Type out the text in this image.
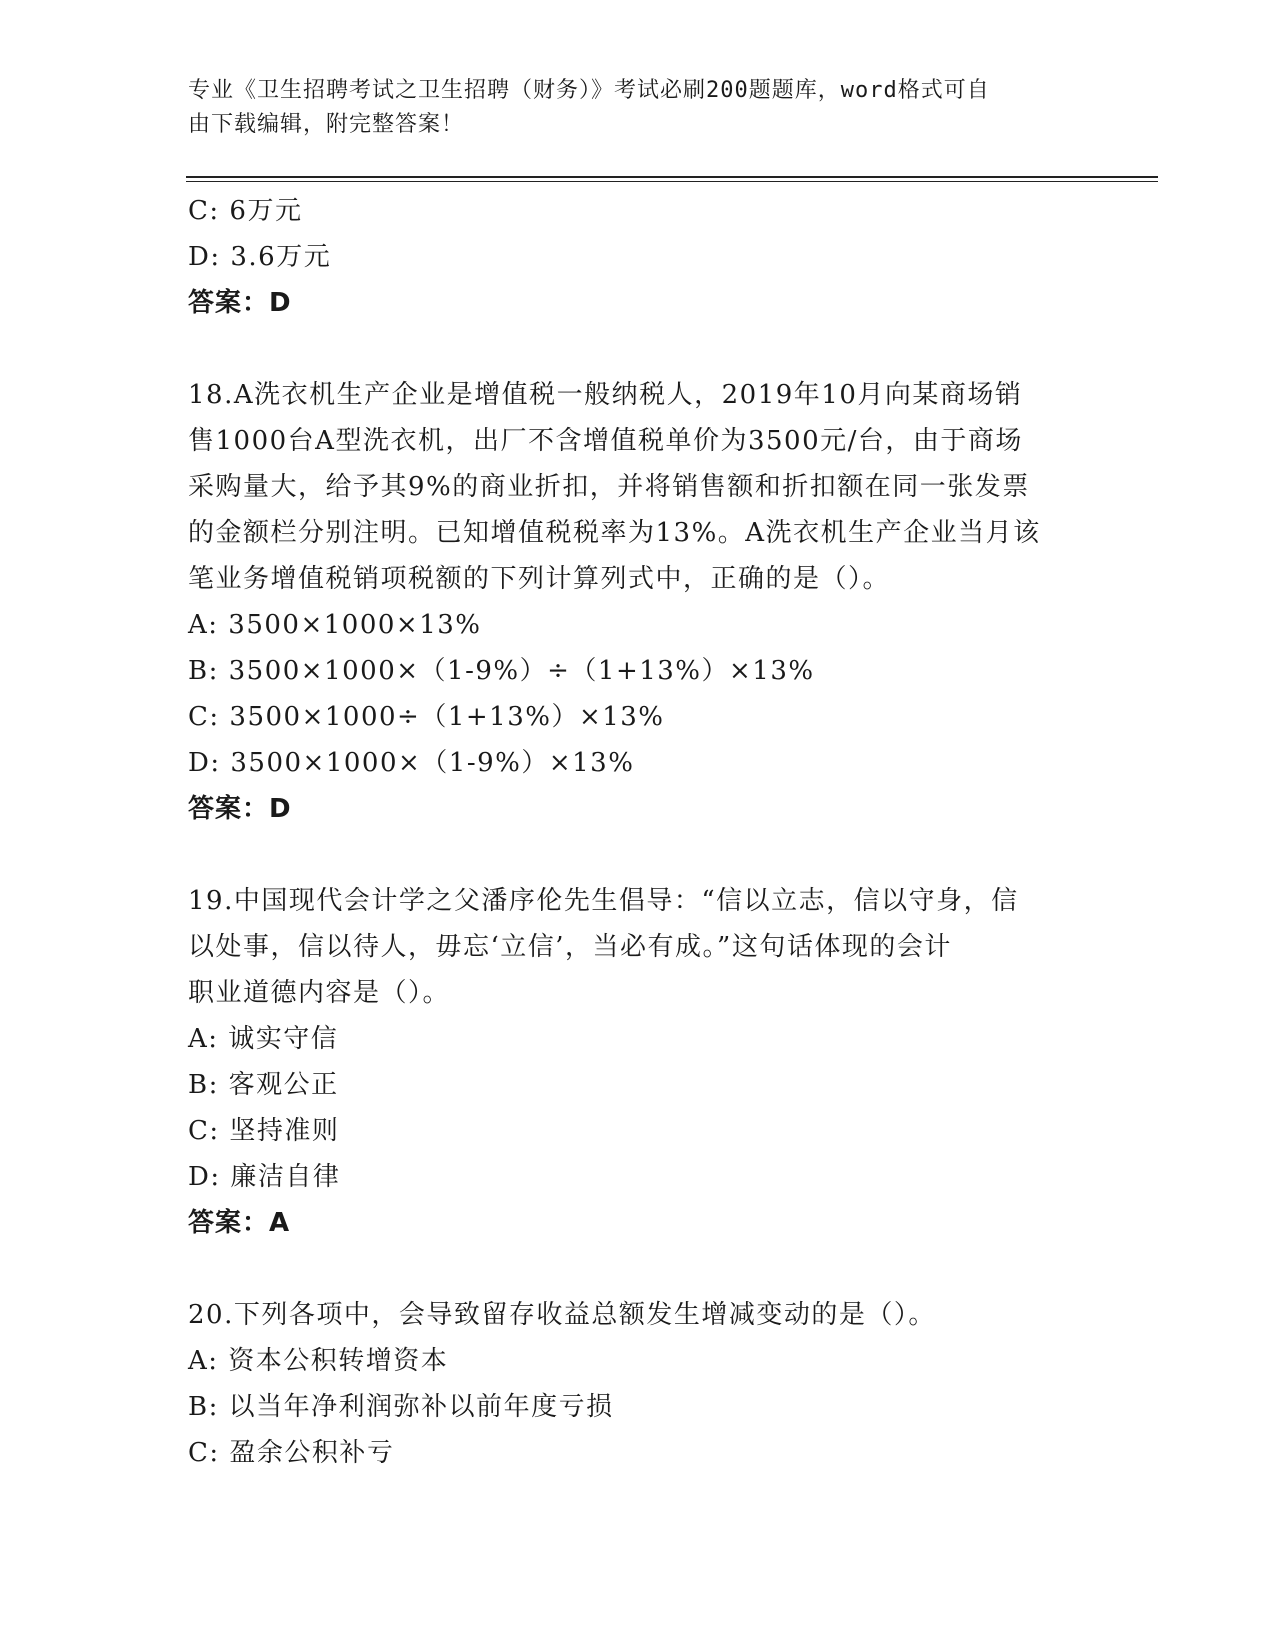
专业《卫生招聘考试之卫生招聘（财务）》考试必刷200题题库，word格式可自

由下载编辑，附完整答案！

C: 6万元
D: 3.6万元
答案：D
18.A洗衣机生产企业是增值税一般纳税人，2019年10月向某商场销
售1000台A型洗衣机，出厂不含增值税单价为3500元/台，由于商场
采购量大，给予其9%的商业折扣，并将销售额和折扣额在同一张发票
的金额栏分别注明。已知增值税税率为13%。A洗衣机生产企业当月该
笔业务增值税销项税额的下列计算列式中，正确的是（）。
A: 3500×1000×13%
B: 3500×1000×（1-9%）÷（1+13%）×13%
C: 3500×1000÷（1+13%）×13%
D: 3500×1000×（1-9%）×13%
答案：D
19.中国现代会计学之父潘序伦先生倡导：“信以立志，信以守身，信
以处事，信以待人，毋忘‘立信’，当必有成。”这句话体现的会计
职业道德内容是（）。
A: 诚实守信
B: 客观公正
C: 坚持准则
D: 廉洁自律
答案：A
20.下列各项中，会导致留存收益总额发生增减变动的是（）。
A: 资本公积转增资本
B: 以当年净利润弥补以前年度亏损
C: 盈余公积补亏
